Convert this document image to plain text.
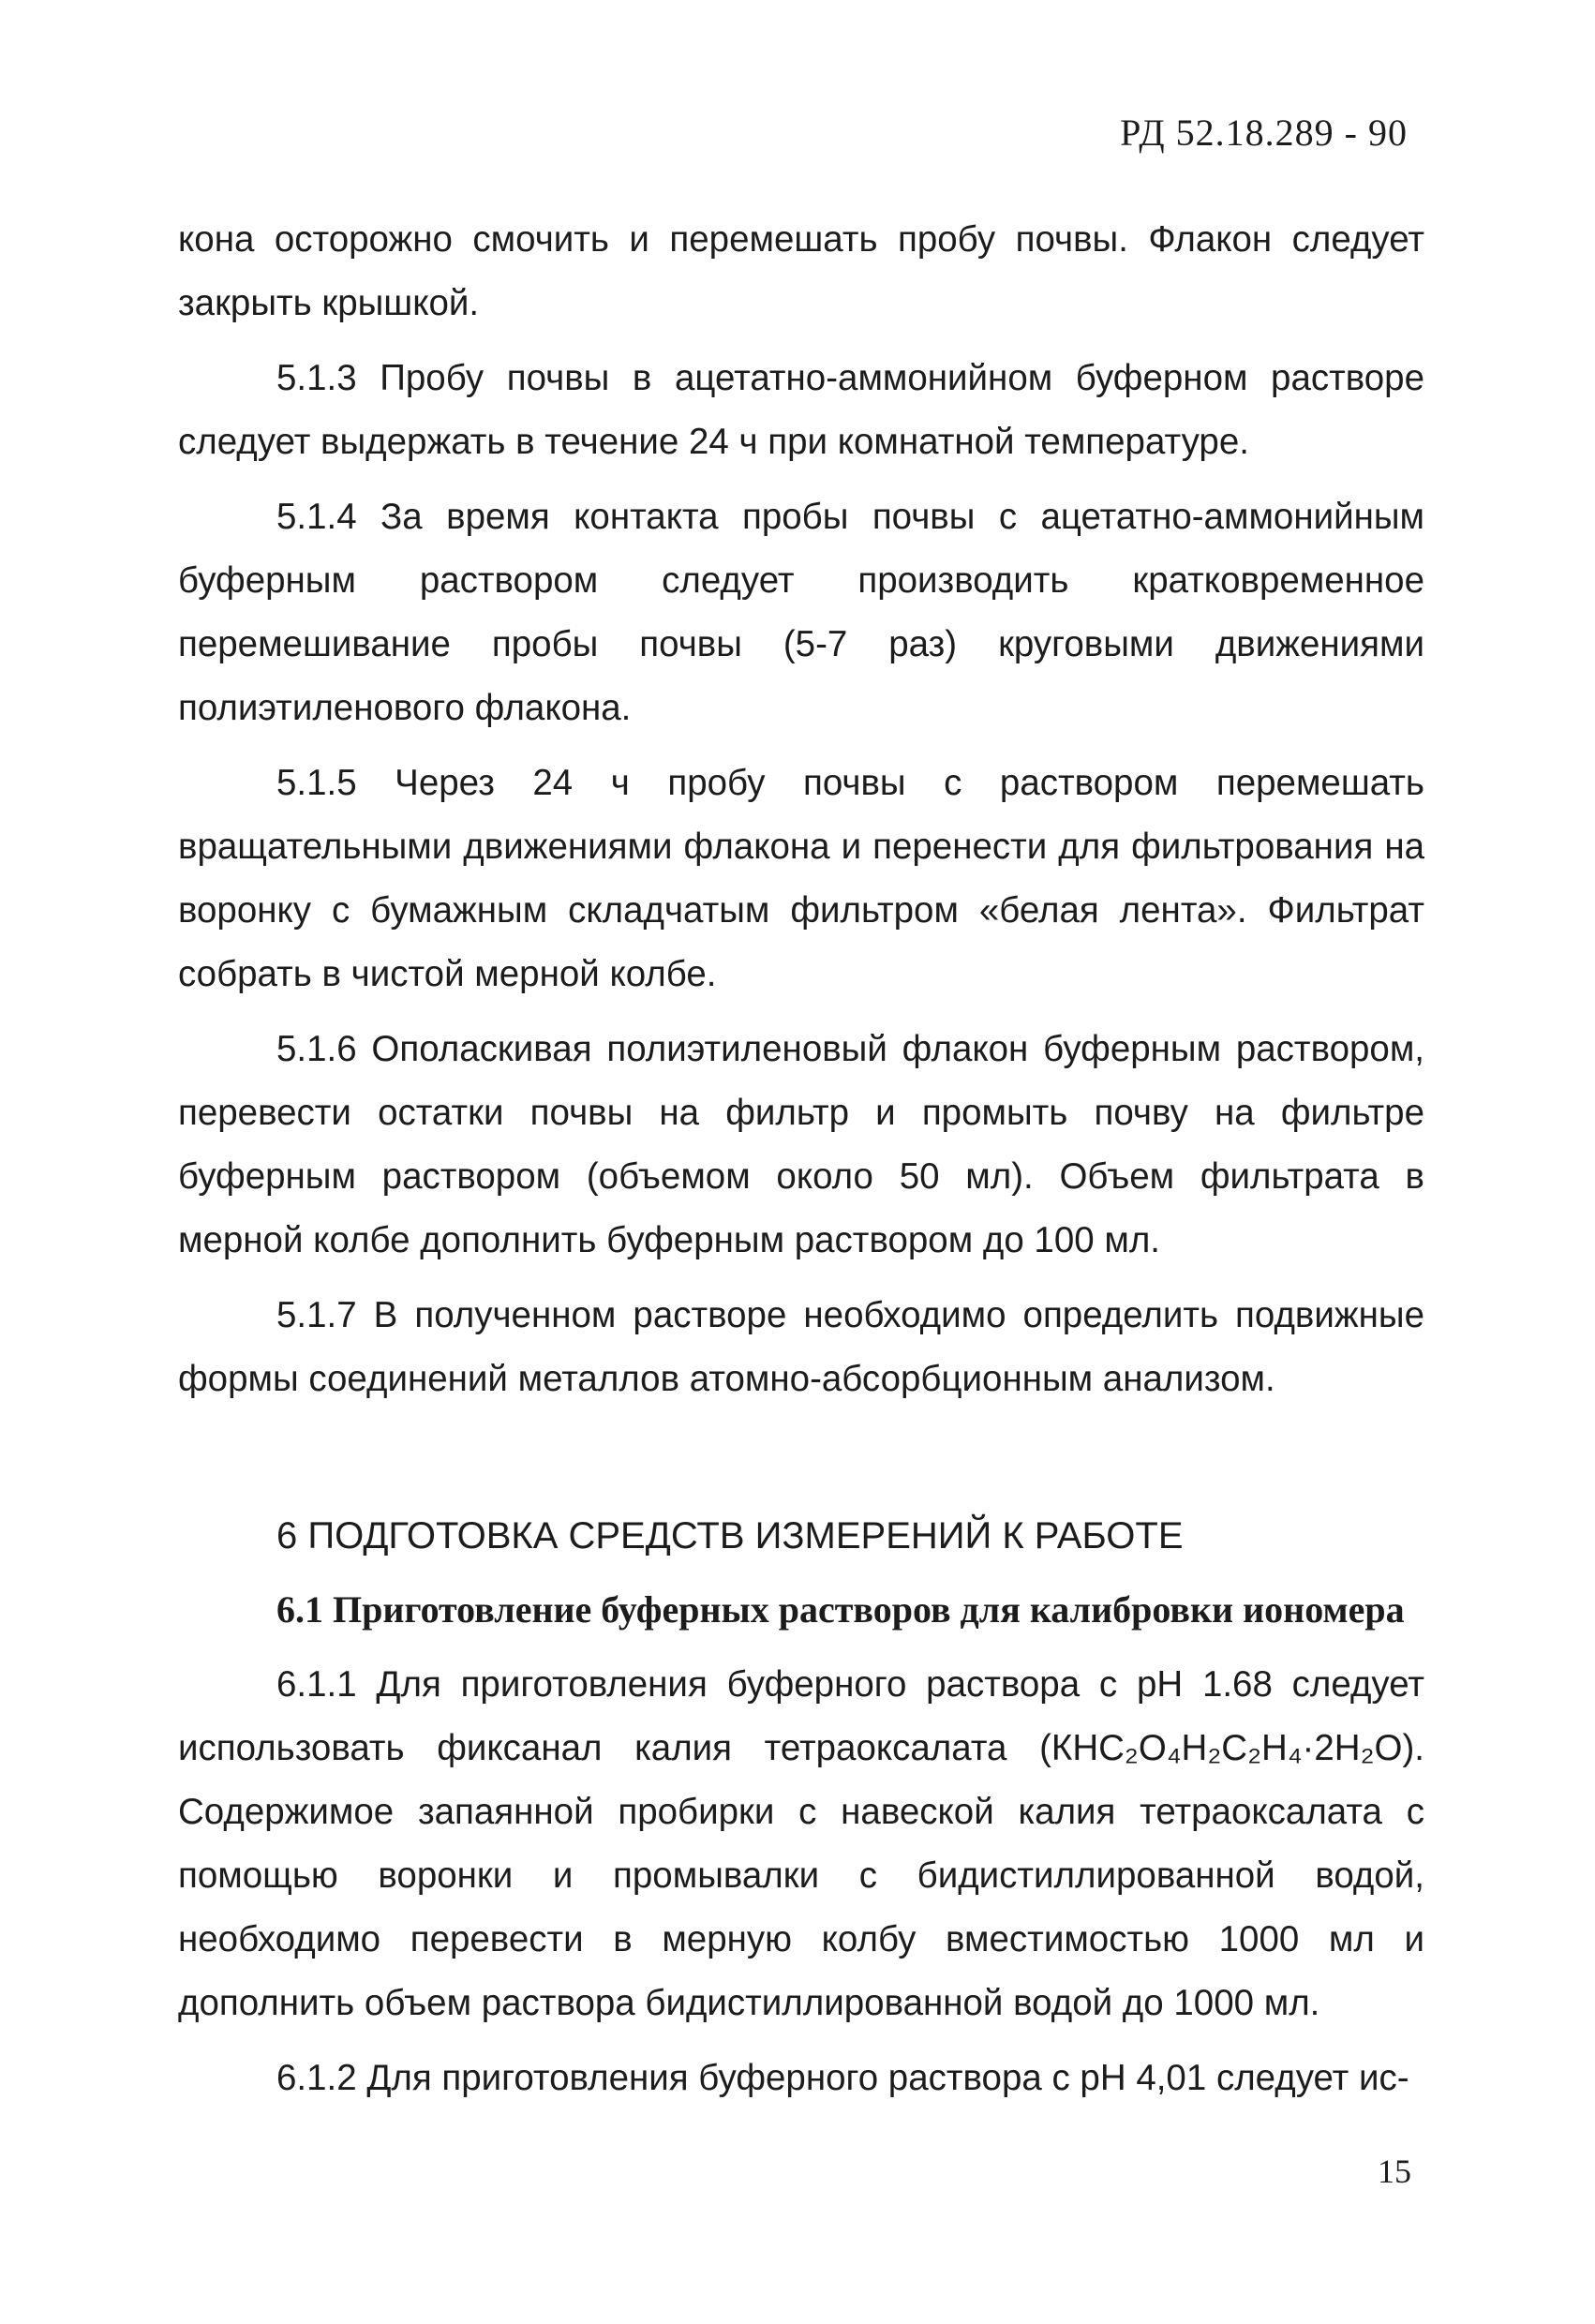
РД 52.18.289 - 90

кона осторожно смочить и перемешать пробу почвы. Флакон следует закрыть крышкой.

5.1.3 Пробу почвы в ацетатно-аммонийном буферном растворе следует выдержать в течение 24 ч при комнатной температуре.

5.1.4 За время контакта пробы почвы с ацетатно-аммонийным буферным раствором следует производить кратковременное перемешивание пробы почвы (5-7 раз) круговыми движениями полиэтиленового флакона.

5.1.5 Через 24 ч пробу почвы с раствором перемешать вращательными движениями флакона и перенести для фильтрования на воронку с бумажным складчатым фильтром «белая лента». Фильтрат собрать в чистой мерной колбе.

5.1.6 Ополаскивая полиэтиленовый флакон буферным раствором, перевести остатки почвы на фильтр и промыть почву на фильтре буферным раствором (объемом около 50 мл). Объем фильтрата в мерной колбе дополнить буферным раствором до 100 мл.

5.1.7 В полученном растворе необходимо определить подвижные формы соединений металлов атомно-абсорбционным анализом.

6 ПОДГОТОВКА СРЕДСТВ ИЗМЕРЕНИЙ К РАБОТЕ

6.1 Приготовление буферных растворов для калибровки иономера

6.1.1 Для приготовления буферного раствора с рН 1.68 следует использовать фиксанал калия тетраоксалата (КНС₂О₄Н₂С₂Н₄·2Н₂О). Содержимое запаянной пробирки с навеской калия тетраоксалата с помощью воронки и промывалки с бидистиллированной водой, необходимо перевести в мерную колбу вместимостью 1000 мл и дополнить объем раствора бидистиллированной водой до 1000 мл.

6.1.2 Для приготовления буферного раствора с рН 4,01 следует ис-

15
